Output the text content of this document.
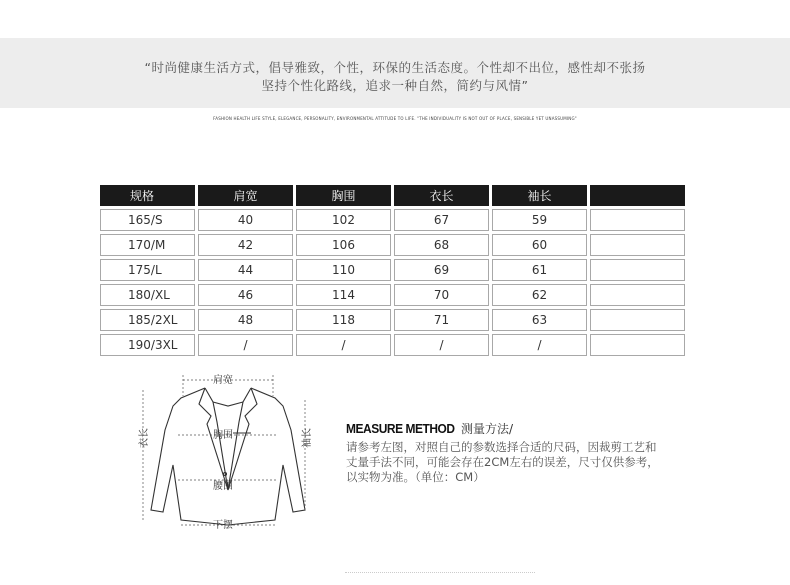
“时尚健康生活方式，倡导雅致，个性，环保的生活态度。个性却不出位，感性却不张扬
坚持个性化路线，追求一种自然，简约与风情”
FASHION HEALTH LIFE STYLE, ELEGANCE, PERSONALITY, ENVIRONMENTAL ATTITUDE TO LIFE. "THE INDIVIDUALITY IS NOT OUT OF PLACE, SENSIBLE YET UNASSUMING"
规格	肩宽	胸围	衣长	袖长	
165/S	40	102	67	59	
170/M	42	106	68	60	
175/L	44	110	69	61	
180/XL	46	114	70	62	
185/2XL	48	118	71	63	
190/3XL	/	/	/	/	
肩宽
胸围
腰围
下摆
衣长	袖长	MEASURE METHOD 测量方法/
请参考左图，对照自己的参数选择合适的尺码，因裁剪工艺和
丈量手法不同，可能会存在2CM左右的误差，尺寸仅供参考，
以实物为准。（单位：CM）
